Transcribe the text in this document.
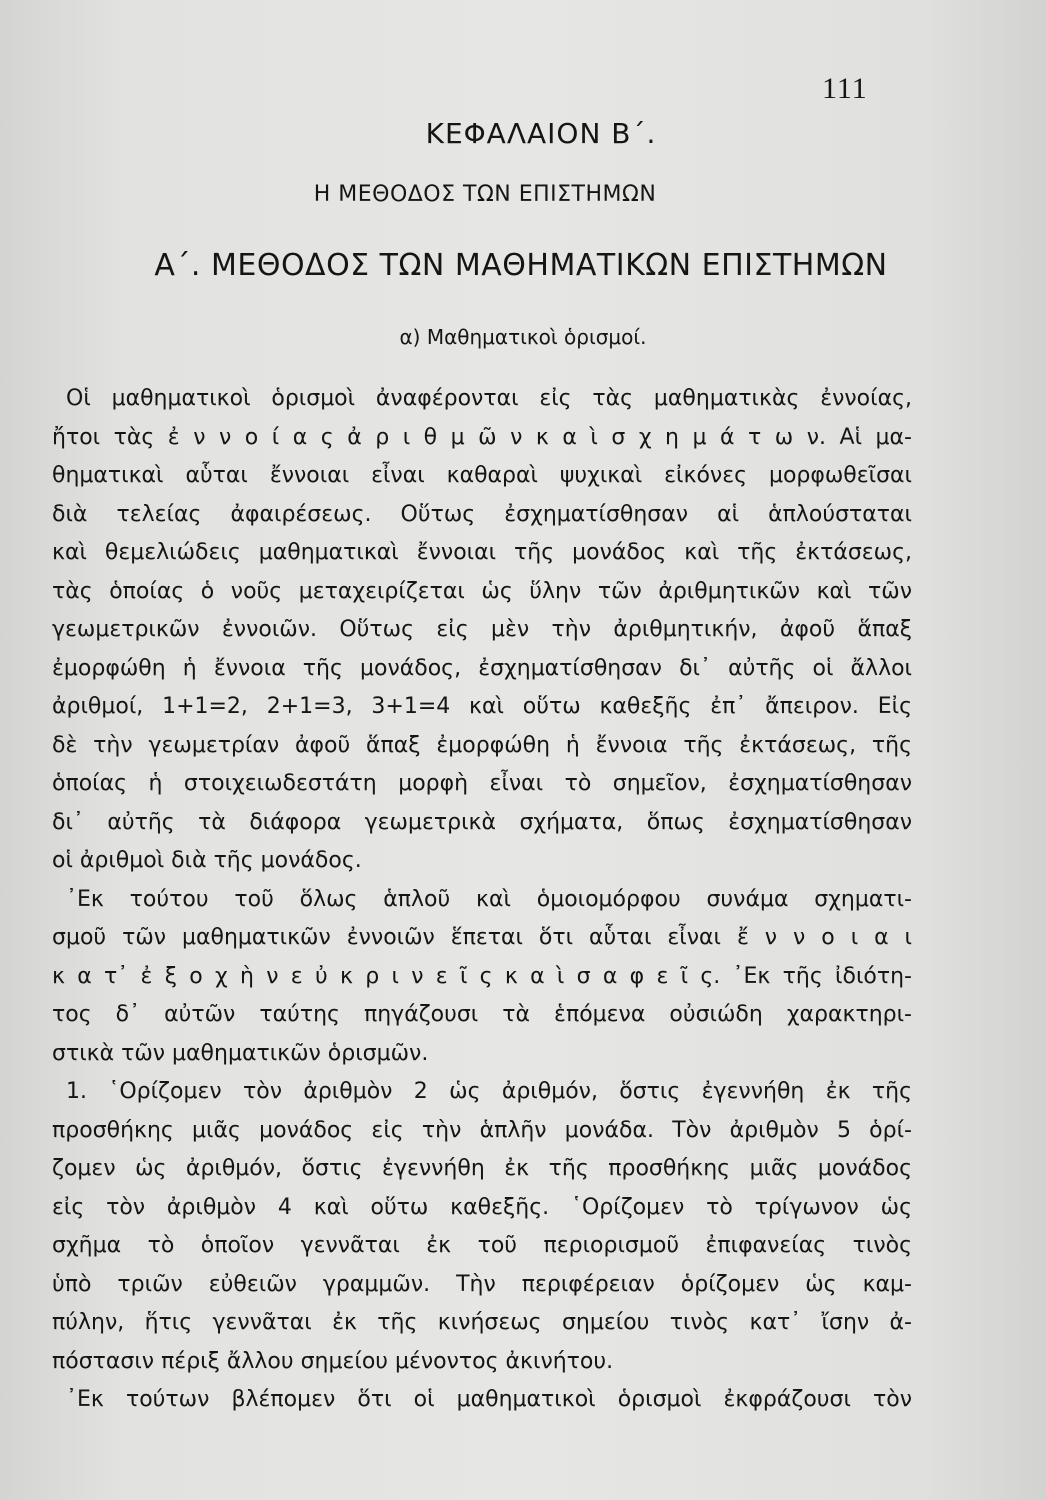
111
ΚΕΦΑΛΑΙΟΝ Β΄.
Η ΜΕΘΟΔΟΣ ΤΩΝ ΕΠΙΣΤΗΜΩΝ
Α΄. ΜΕΘΟΔΟΣ ΤΩΝ ΜΑΘΗΜΑΤΙΚΩΝ ΕΠΙΣΤΗΜΩΝ
α) Μαθηματικοὶ ὁρισμοί.
Οἱ μαθηματικοὶ ὁρισμοὶ ἀναφέρονται εἰς τὰς μαθηματικὰς ἐννοίας,
ἤτοι τὰς ἐ ν ν ο ί α ς ἀ ρ ι θ μ ῶ ν κ α ὶ σ χ η μ ά τ ω ν. Αἱ μα-
θηματικαὶ αὗται ἔννοιαι εἶναι καθαραὶ ψυχικαὶ εἰκόνες μορφωθεῖσαι
διὰ τελείας ἀφαιρέσεως. Οὕτως ἐσχηματίσθησαν αἱ ἁπλούσταται
καὶ θεμελιώδεις μαθηματικαὶ ἔννοιαι τῆς μονάδος καὶ τῆς ἐκτάσεως,
τὰς ὁποίας ὁ νοῦς μεταχειρίζεται ὡς ὕλην τῶν ἀριθμητικῶν καὶ τῶν
γεωμετρικῶν ἐννοιῶν. Οὕτως εἰς μὲν τὴν ἀριθμητικήν, ἀφοῦ ἅπαξ
ἐμορφώθη ἡ ἔννοια τῆς μονάδος, ἐσχηματίσθησαν δι᾽ αὐτῆς οἱ ἄλλοι
ἀριθμοί, 1+1=2, 2+1=3, 3+1=4 καὶ οὕτω καθεξῆς ἐπ᾽ ἄπειρον. Εἰς
δὲ τὴν γεωμετρίαν ἀφοῦ ἅπαξ ἐμορφώθη ἡ ἔννοια τῆς ἐκτάσεως, τῆς
ὁποίας ἡ στοιχειωδεστάτη μορφὴ εἶναι τὸ σημεῖον, ἐσχηματίσθησαν
δι᾽ αὐτῆς τὰ διάφορα γεωμετρικὰ σχήματα, ὅπως ἐσχηματίσθησαν
οἱ ἀριθμοὶ διὰ τῆς μονάδος.
᾽Εκ τούτου τοῦ ὅλως ἁπλοῦ καὶ ὁμοιομόρφου συνάμα σχηματι-
σμοῦ τῶν μαθηματικῶν ἐννοιῶν ἕπεται ὅτι αὗται εἶναι ἔ ν ν ο ι α ι
κ α τ᾽ ἐ ξ ο χ ὴ ν ε ὐ κ ρ ι ν ε ῖ ς κ α ὶ σ α φ ε ῖ ς. ᾽Εκ τῆς ἰδιότη-
τος δ᾽ αὐτῶν ταύτης πηγάζουσι τὰ ἑπόμενα οὐσιώδη χαρακτηρι-
στικὰ τῶν μαθηματικῶν ὁρισμῶν.
1. ῾Ορίζομεν τὸν ἀριθμὸν 2 ὡς ἀριθμόν, ὅστις ἐγεννήθη ἐκ τῆς
προσθήκης μιᾶς μονάδος εἰς τὴν ἁπλῆν μονάδα. Τὸν ἀριθμὸν 5 ὁρί-
ζομεν ὡς ἀριθμόν, ὅστις ἐγεννήθη ἐκ τῆς προσθήκης μιᾶς μονάδος
εἰς τὸν ἀριθμὸν 4 καὶ οὕτω καθεξῆς. ῾Ορίζομεν τὸ τρίγωνον ὡς
σχῆμα τὸ ὁποῖον γεννᾶται ἐκ τοῦ περιορισμοῦ ἐπιφανείας τινὸς
ὑπὸ τριῶν εὐθειῶν γραμμῶν. Τὴν περιφέρειαν ὁρίζομεν ὡς καμ-
πύλην, ἥτις γεννᾶται ἐκ τῆς κινήσεως σημείου τινὸς κατ᾽ ἴσην ἀ-
πόστασιν πέριξ ἄλλου σημείου μένοντος ἀκινήτου.
᾽Εκ τούτων βλέπομεν ὅτι οἱ μαθηματικοὶ ὁρισμοὶ ἐκφράζουσι τὸν
